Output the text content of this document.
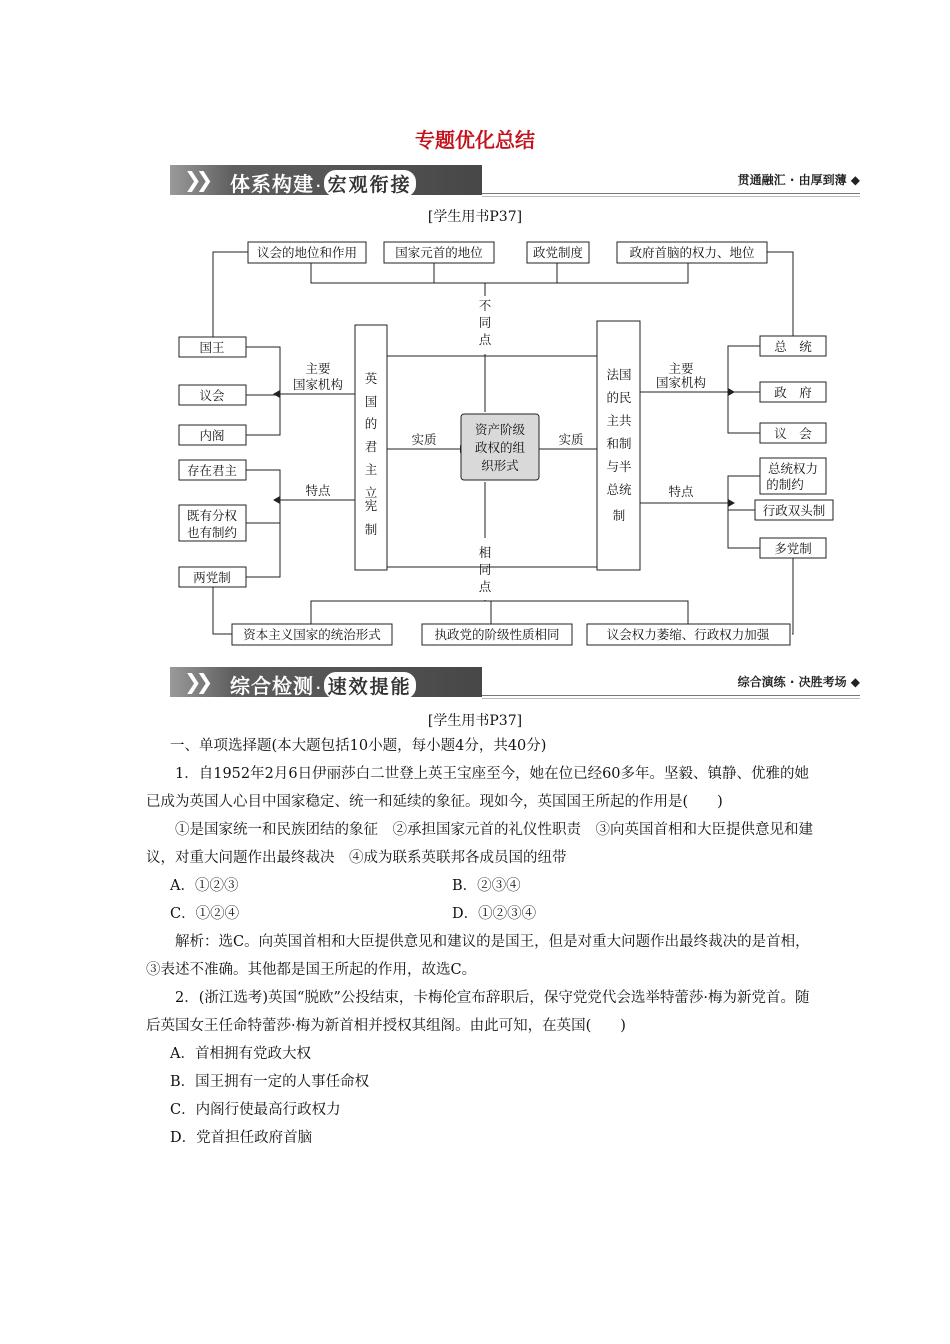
专题优化总结
❯❯ 体系构建 · 宏观衔接	贯通融汇 · 由厚到薄 ◆
[学生用书P37]
议会的地位和作用	国家元首的地位	政党制度	政府首脑的权力、地位
资本主义国家的统治形式	执政党的阶级性质相同	议会权力萎缩、行政权力加强
资产阶级
政权的组
织形式
英
国
的
君
主
立
宪
制
法国
的民
主共
和制
与半
总统
制
不
同
点
相
同
点
实质	实质
主要
国家机构
特点
主要
国家机构
特点
国王
议会
内阁
存在君主
既有分权
也有制约
两党制
总　统
政　府
议　会
总统权力
的制约
行政双头制
多党制
❯❯ 综合检测 · 速效提能	综合演练 · 决胜考场 ◆
[学生用书P37]

一、单项选择题(本大题包括10小题，每小题4分，共40分)

1．自1952年2月6日伊丽莎白二世登上英王宝座至今，她在位已经60多年。坚毅、镇静、优雅的她已成为英国人心目中国家稳定、统一和延续的象征。现如今，英国国王所起的作用是(　　)

①是国家统一和民族团结的象征　②承担国家元首的礼仪性职责　③向英国首相和大臣提供意见和建议，对重大问题作出最终裁决　④成为联系英联邦各成员国的纽带

A．①②③	B．②③④
C．①②④	D．①②③④

解析：选C。向英国首相和大臣提供意见和建议的是国王，但是对重大问题作出最终裁决的是首相，③表述不准确。其他都是国王所起的作用，故选C。

2．(浙江选考)英国“脱欧”公投结束，卡梅伦宣布辞职后，保守党党代会选举特蕾莎·梅为新党首。随后英国女王任命特蕾莎·梅为新首相并授权其组阁。由此可知，在英国(　　)

A．首相拥有党政大权

B．国王拥有一定的人事任命权

C．内阁行使最高行政权力

D．党首担任政府首脑
